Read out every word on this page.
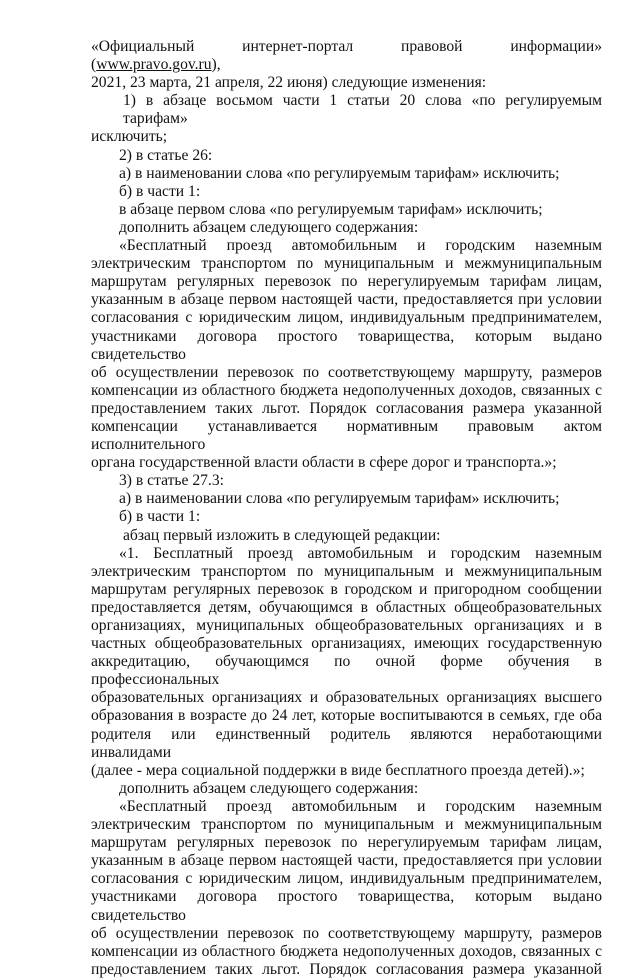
«Официальный интернет-портал правовой информации» (www.pravo.gov.ru),
2021, 23 марта, 21 апреля, 22 июня) следующие изменения:
1) в абзаце восьмом части 1 статьи 20 слова «по регулируемым тарифам»
исключить;
2) в статье 26:
а) в наименовании слова «по регулируемым тарифам» исключить;
б) в части 1:
в абзаце первом слова «по регулируемым тарифам» исключить;
дополнить абзацем следующего содержания:
«Бесплатный проезд автомобильным и городским наземным
электрическим транспортом по муниципальным и межмуниципальным
маршрутам регулярных перевозок по нерегулируемым тарифам лицам,
указанным в абзаце первом настоящей части, предоставляется при условии
согласования с юридическим лицом, индивидуальным предпринимателем,
участниками договора простого товарищества, которым выдано свидетельство
об осуществлении перевозок по соответствующему маршруту, размеров
компенсации из областного бюджета недополученных доходов, связанных с
предоставлением таких льгот. Порядок согласования размера указанной
компенсации устанавливается нормативным правовым актом исполнительного
органа государственной власти области в сфере дорог и транспорта.»;
3) в статье 27.3:
а) в наименовании слова «по регулируемым тарифам» исключить;
б) в части 1:
абзац первый изложить в следующей редакции:
«1. Бесплатный проезд автомобильным и городским наземным
электрическим транспортом по муниципальным и межмуниципальным
маршрутам регулярных перевозок в городском и пригородном сообщении
предоставляется детям, обучающимся в областных общеобразовательных
организациях, муниципальных общеобразовательных организациях и в
частных общеобразовательных организациях, имеющих государственную
аккредитацию, обучающимся по очной форме обучения в профессиональных
образовательных организациях и образовательных организациях высшего
образования в возрасте до 24 лет, которые воспитываются в семьях, где оба
родителя или единственный родитель являются неработающими инвалидами
(далее - мера социальной поддержки в виде бесплатного проезда детей).»;
дополнить абзацем следующего содержания:
«Бесплатный проезд автомобильным и городским наземным
электрическим транспортом по муниципальным и межмуниципальным
маршрутам регулярных перевозок по нерегулируемым тарифам лицам,
указанным в абзаце первом настоящей части, предоставляется при условии
согласования с юридическим лицом, индивидуальным предпринимателем,
участниками договора простого товарищества, которым выдано свидетельство
об осуществлении перевозок по соответствующему маршруту, размеров
компенсации из областного бюджета недополученных доходов, связанных с
предоставлением таких льгот. Порядок согласования размера указанной
